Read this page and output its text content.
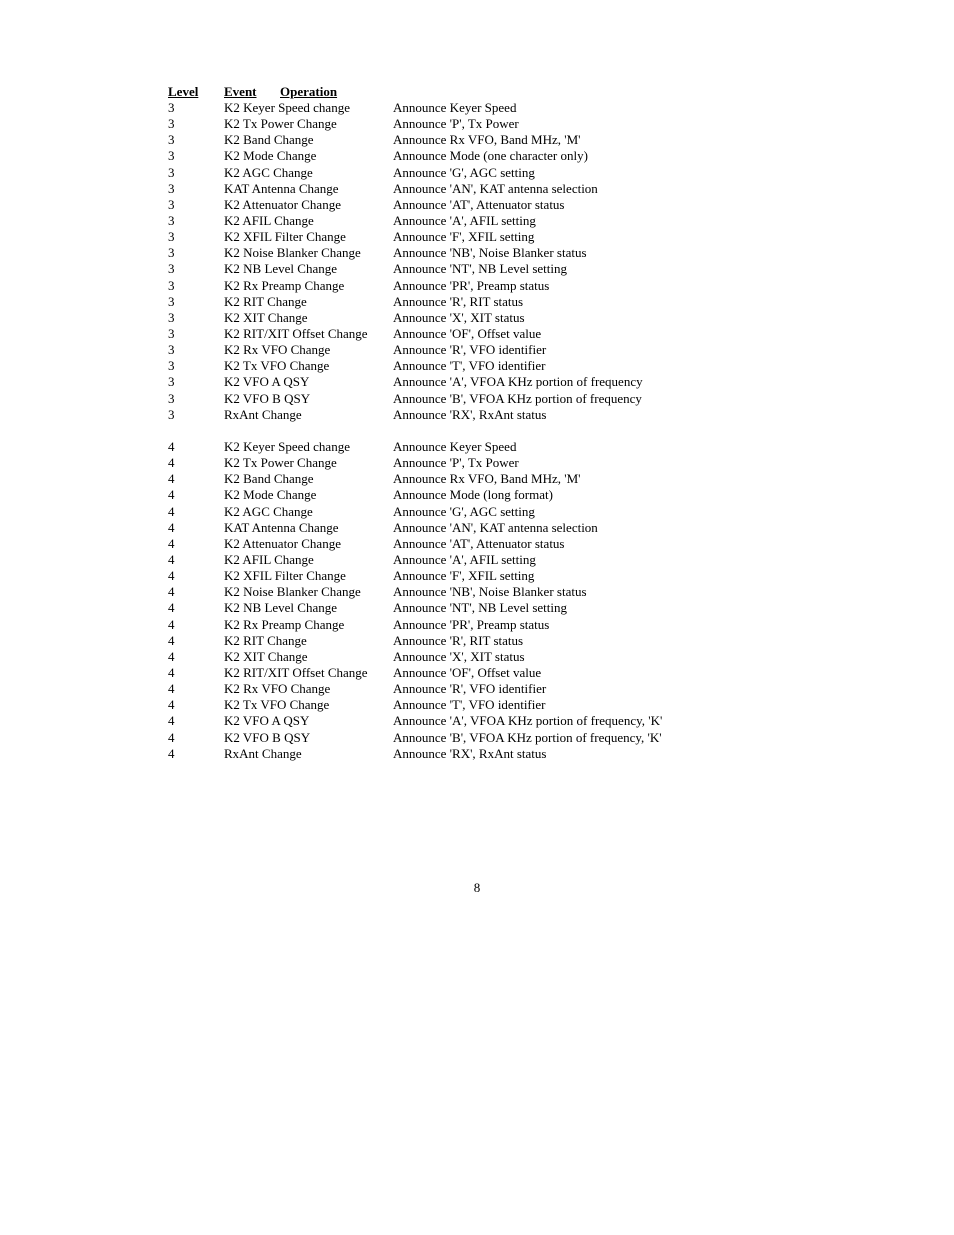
Level Event Operation
3	K2 Keyer Speed change	Announce Keyer Speed
3	K2 Tx Power Change	Announce 'P', Tx Power
3	K2 Band Change	Announce Rx VFO, Band MHz, 'M'
3	K2 Mode Change	Announce Mode (one character only)
3	K2 AGC Change	Announce 'G', AGC setting
3	KAT Antenna Change	Announce 'AN', KAT antenna selection
3	K2 Attenuator Change	Announce 'AT', Attenuator status
3	K2 AFIL Change	Announce 'A', AFIL setting
3	K2 XFIL Filter Change	Announce 'F', XFIL setting
3	K2 Noise Blanker Change Announce 'NB', Noise Blanker status
3	K2 NB Level Change	Announce 'NT', NB Level setting
3	K2 Rx Preamp Change	Announce 'PR', Preamp status
3	K2 RIT Change	Announce 'R', RIT status
3	K2 XIT Change	Announce 'X', XIT status
3	K2 RIT/XIT Offset Change Announce 'OF', Offset value
3	K2 Rx VFO Change	Announce 'R', VFO identifier
3	K2 Tx VFO Change	Announce 'T', VFO identifier
3	K2 VFO A QSY	Announce 'A', VFOA KHz portion of frequency
3	K2 VFO B QSY	Announce 'B', VFOA KHz portion of frequency
3	RxAnt Change	Announce 'RX', RxAnt status
4	K2 Keyer Speed change	Announce Keyer Speed
4	K2 Tx Power Change	Announce 'P', Tx Power
4	K2 Band Change	Announce Rx VFO, Band MHz, 'M'
4	K2 Mode Change	Announce Mode (long format)
4	K2 AGC Change	Announce 'G', AGC setting
4	KAT Antenna Change	Announce 'AN', KAT antenna selection
4	K2 Attenuator Change	Announce 'AT', Attenuator status
4	K2 AFIL Change	Announce 'A', AFIL setting
4	K2 XFIL Filter Change	Announce 'F', XFIL setting
4	K2 Noise Blanker Change Announce 'NB', Noise Blanker status
4	K2 NB Level Change	Announce 'NT', NB Level setting
4	K2 Rx Preamp Change	Announce 'PR', Preamp status
4	K2 RIT Change	Announce 'R', RIT status
4	K2 XIT Change	Announce 'X', XIT status
4	K2 RIT/XIT Offset Change Announce 'OF', Offset value
4	K2 Rx VFO Change	Announce 'R', VFO identifier
4	K2 Tx VFO Change	Announce 'T', VFO identifier
4	K2 VFO A QSY	Announce 'A', VFOA KHz portion of frequency, 'K'
4	K2 VFO B QSY	Announce 'B', VFOA KHz portion of frequency, 'K'
4	RxAnt Change	Announce 'RX', RxAnt status
8
